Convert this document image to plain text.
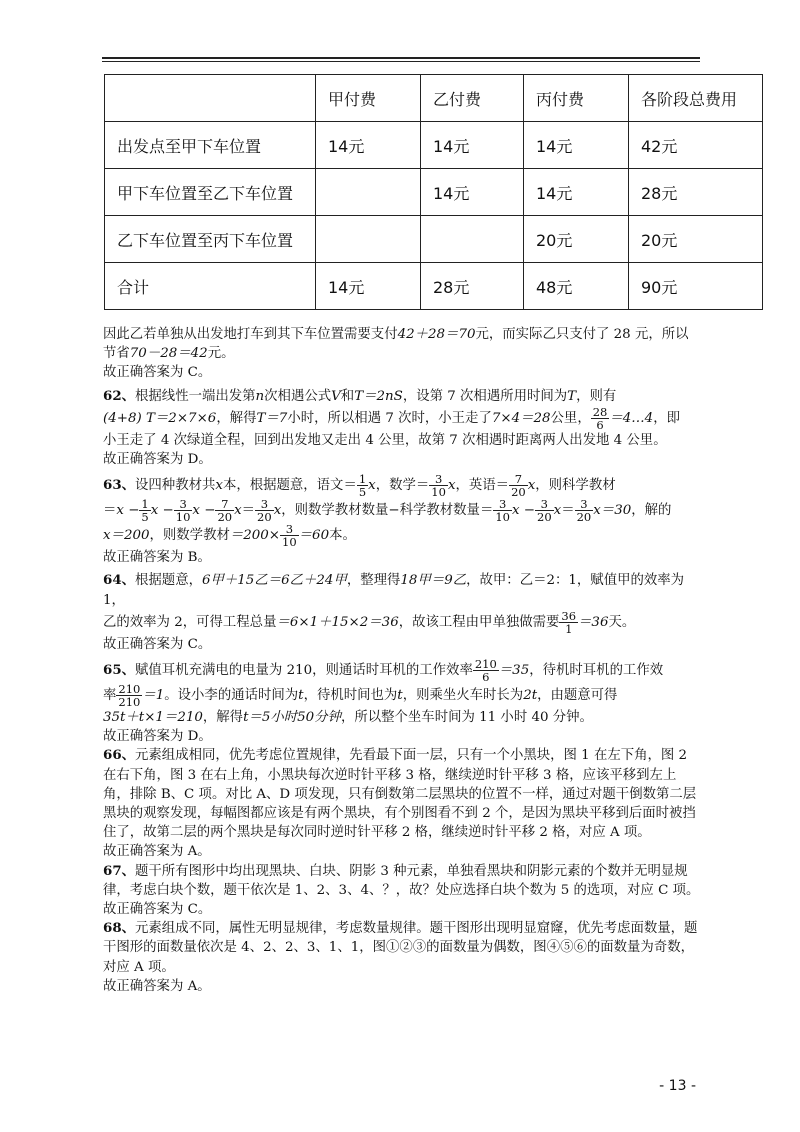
	甲付费	乙付费	丙付费	各阶段总费用
出发点至甲下车位置	14元	14元	14元	42元
甲下车位置至乙下车位置		14元	14元	28元
乙下车位置至丙下车位置			20元	20元
合计	14元	28元	48元	90元

因此乙若单独从出发地打车到其下车位置需要支付42＋28＝70元，而实际乙只支付了 28 元，所以
节省70－28＝42元。

故正确答案为 C。

62、根据线性一端出发第n次相遇公式V和T＝2nS，设第 7 次相遇所用时间为T，则有
(4+8) T＝2×7×6，解得T＝7小时，所以相遇 7 次时，小王走了7×4＝28公里， $\frac{28}{6}$ ＝4…4，即
小王走了 4 次绿道全程，回到出发地又走出 4 公里，故第 7 次相遇时距离两人出发地 4 公里。

故正确答案为 D。

63、设四种教材共x本，根据题意，语文＝ $\frac{1}{5}$ x，数学＝ $\frac{3}{10}$ x，英语＝ $\frac{7}{20}$ x，则科学教材
$=x - \frac{1}{5}$ $x - \frac{3}{10}$ $x - \frac{7}{20} x= \frac{3}{20}$ x，则数学教材数量−科学教材数量＝ $\frac{3}{10}$ $x - \frac{3}{20} x= \frac{3}{20} x=30$，解的
x＝200，则数学教材$=200\times \frac{3}{10} =60$本。

故正确答案为 B。

64、根据题意，6甲＋15乙＝6乙＋24甲，整理得18甲＝9乙，故甲：乙＝2：1，赋值甲的效率为 1，
乙的效率为 2，可得工程总量＝6×1＋15×2＝36，故该工程由甲单独做需要 $\frac{36}{1} =36$天。

故正确答案为 C。

65、赋值耳机充满电的电量为 210，则通话时耳机的工作效率 $\frac{210}{6} =35$，待机时耳机的工作效
率 $\frac{210}{210} =1$。设小李的通话时间为t，待机时间也为t，则乘坐火车时长为2t，由题意可得
35t＋t×1＝210，解得t＝5小时50分钟，所以整个坐车时间为 11 小时 40 分钟。

故正确答案为 D。

66、元素组成相同，优先考虑位置规律，先看最下面一层，只有一个小黑块，图 1 在左下角，图 2 在右下角，图 3 在右上角，小黑块每次逆时针平移 3 格，继续逆时针平移 3 格，应该平移到左上角，排除 B、C 项。对比 A、D 项发现，只有倒数第二层黑块的位置不一样，通过对题干倒数第二层黑块的观察发现，每幅图都应该是有两个黑块，有个别图看不到 2 个，是因为黑块平移到后面时被挡住了，故第二层的两个黑块是每次同时逆时针平移 2 格，继续逆时针平移 2 格，对应 A 项。

故正确答案为 A。

67、题干所有图形中均出现黑块、白块、阴影 3 种元素，单独看黑块和阴影元素的个数并无明显规律，考虑白块个数，题干依次是 1、2、3、4、？，故？处应选择白块个数为 5 的选项，对应 C 项。

故正确答案为 C。

68、元素组成不同，属性无明显规律，考虑数量规律。题干图形出现明显窟窿，优先考虑面数量，题干图形的面数量依次是 4、2、2、3、1、1，图①②③的面数量为偶数，图④⑤⑥的面数量为奇数，对应 A 项。

故正确答案为 A。

- 13 -
